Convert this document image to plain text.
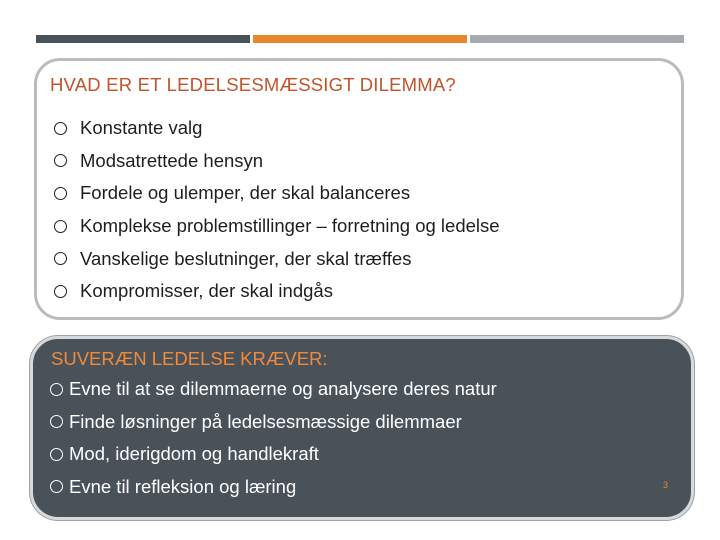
HVAD ER ET LEDELSESMÆSSIGT DILEMMA?
Konstante valg
Modsatrettede hensyn
Fordele og ulemper, der skal balanceres
Komplekse problemstillinger – forretning og ledelse
Vanskelige beslutninger, der skal træffes
Kompromisser, der skal indgås
SUVERÆN LEDELSE KRÆVER:
Evne til at se dilemmaerne og analysere deres natur
Finde løsninger på ledelsesmæssige dilemmaer
Mod, iderigdom og handlekraft
Evne til refleksion og læring	3
